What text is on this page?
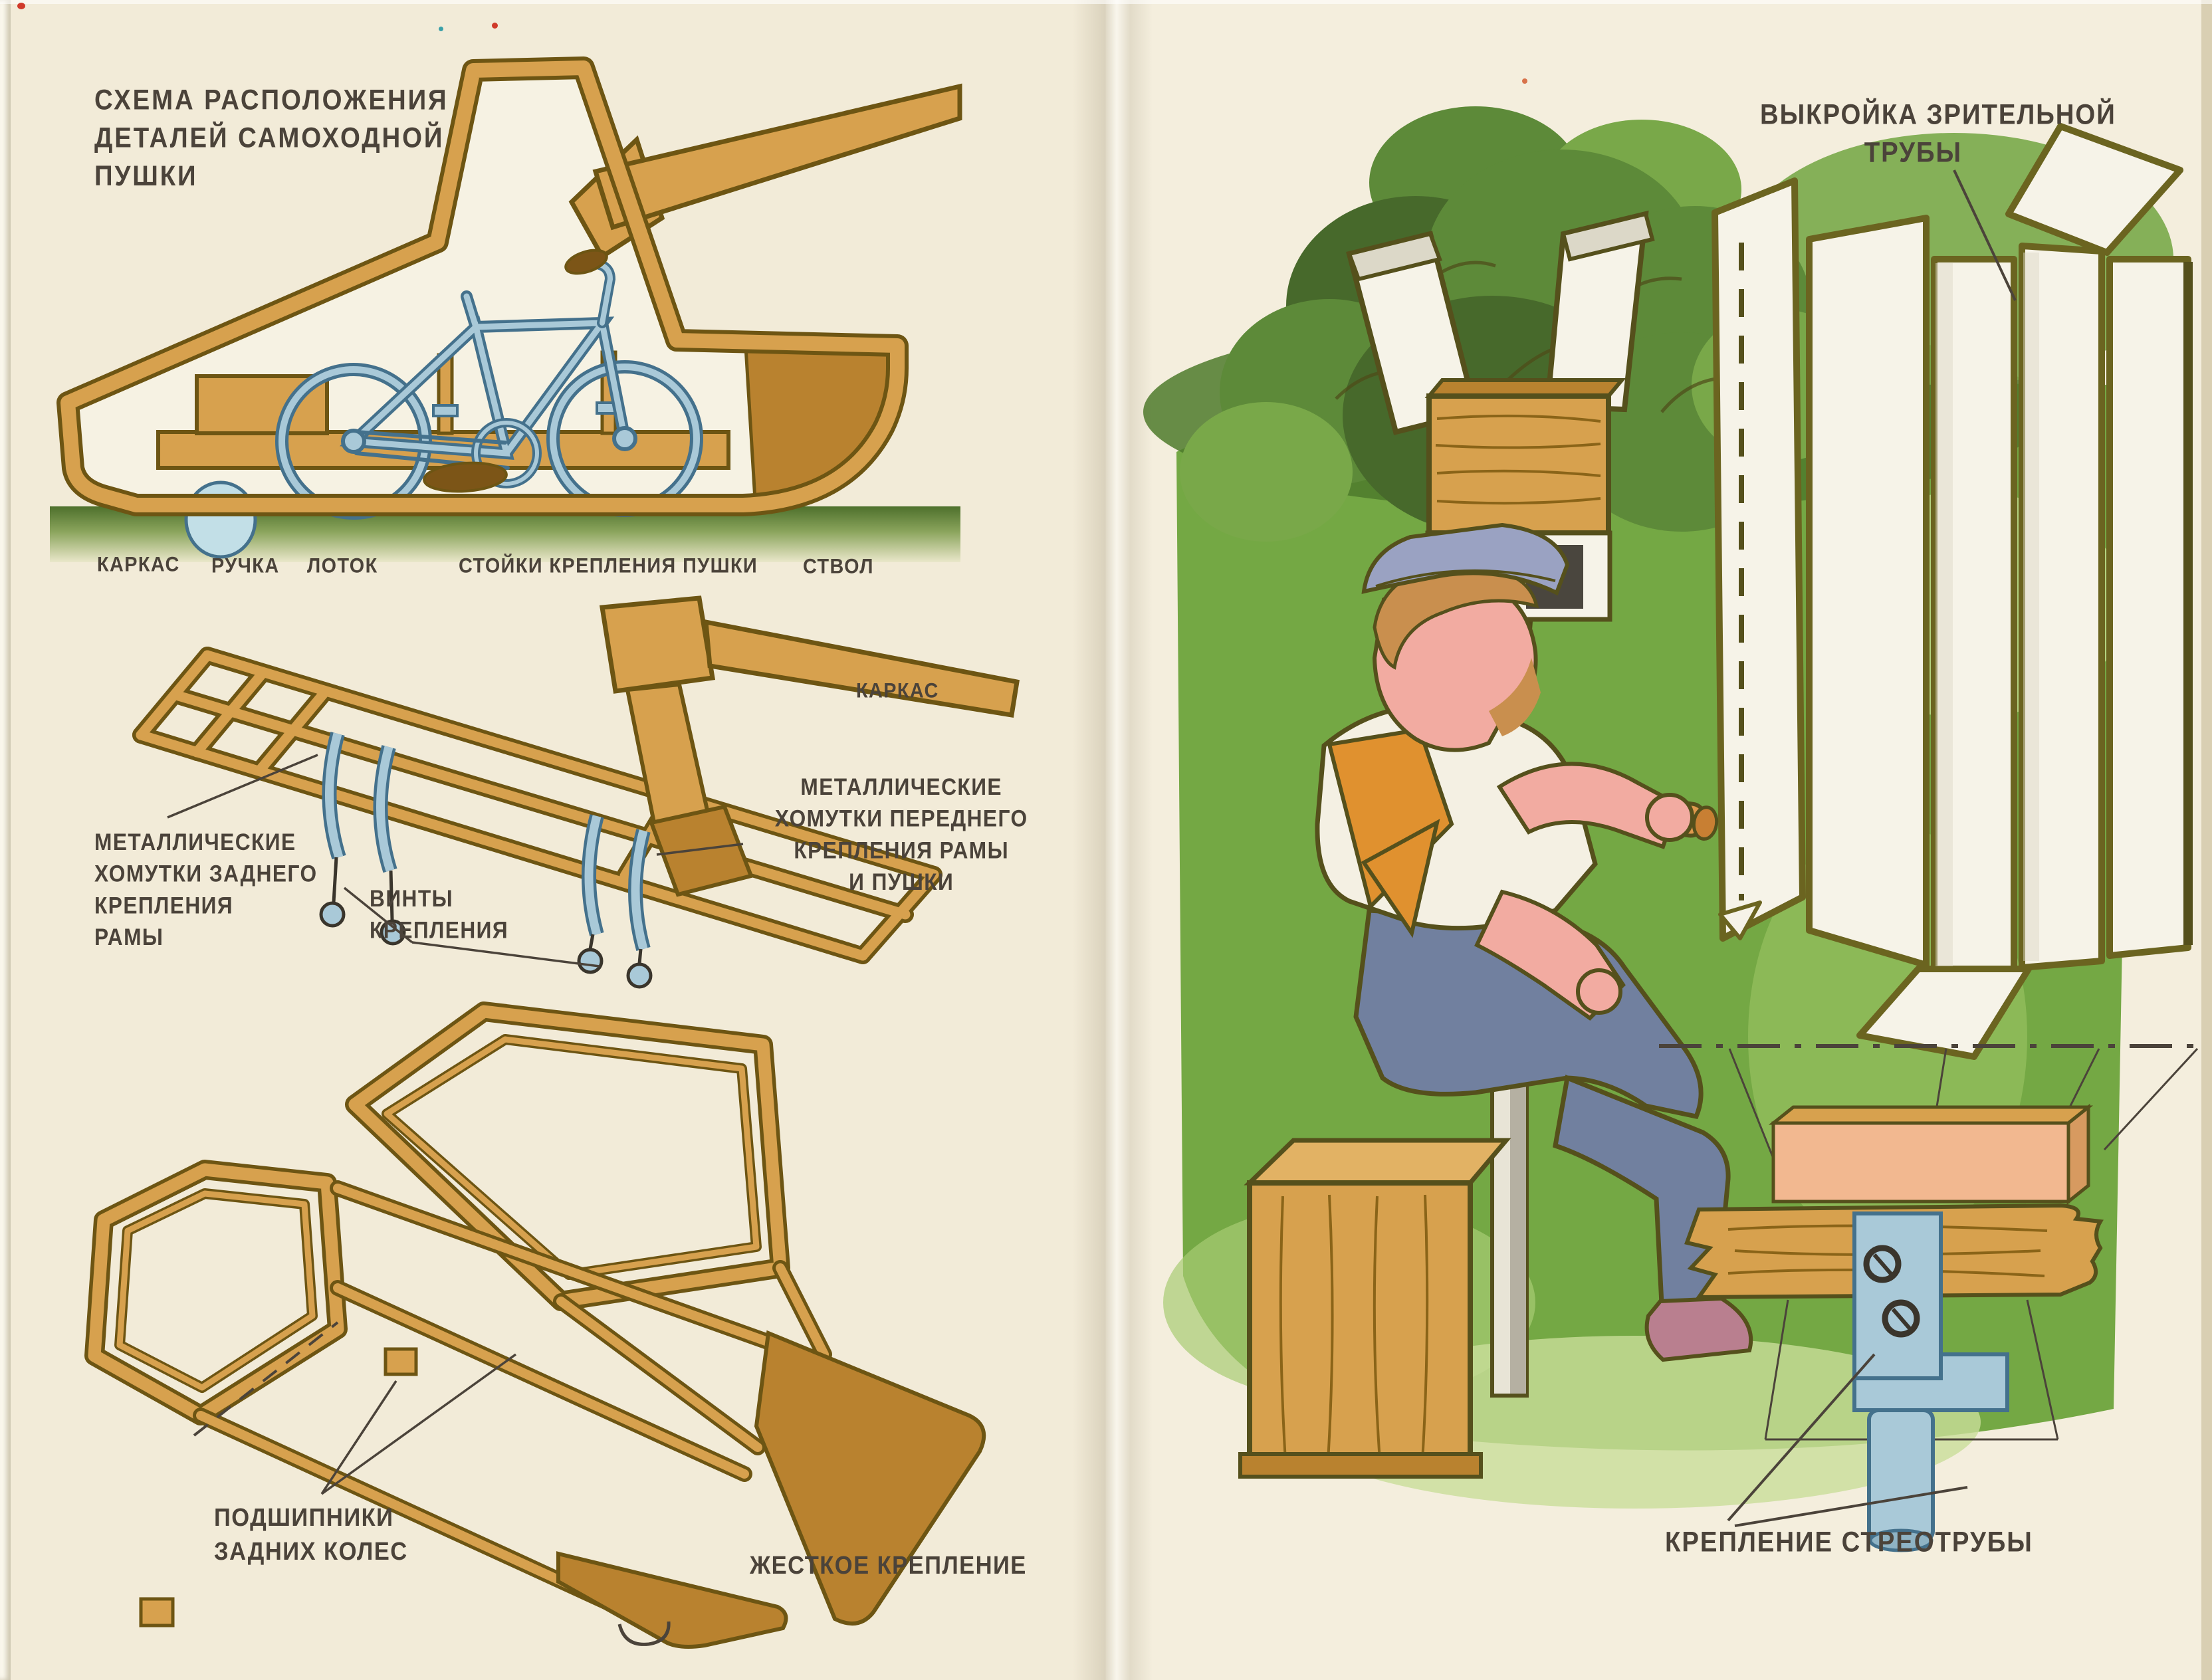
СХЕМА РАСПОЛОЖЕНИЯ
ДЕТАЛЕЙ САМОХОДНОЙ
ПУШКИ
КАРКАС РУЧКА ЛОТОК	СТОЙКИ КРЕПЛЕНИЯ ПУШКИ СТВОЛ
МЕТАЛЛИЧЕСКИЕ
ХОМУТКИ ЗАДНЕГО
КРЕПЛЕНИЯ
РАМЫ
ВИНТЫ
КРЕПЛЕНИЯ
МЕТАЛЛИЧЕСКИЕ
ХОМУТКИ ПЕРЕДНЕГО
КРЕПЛЕНИЯ РАМЫ
И ПУШКИ
КАРКАС
ПОДШИПНИКИ
ЗАДНИХ КОЛЕС	ЖЕСТКОЕ КРЕПЛЕНИЕ
ВЫКРОЙКА ЗРИТЕЛЬНОЙ
ТРУБЫ
КРЕПЛЕНИЕ СТРЕОТРУБЫ
